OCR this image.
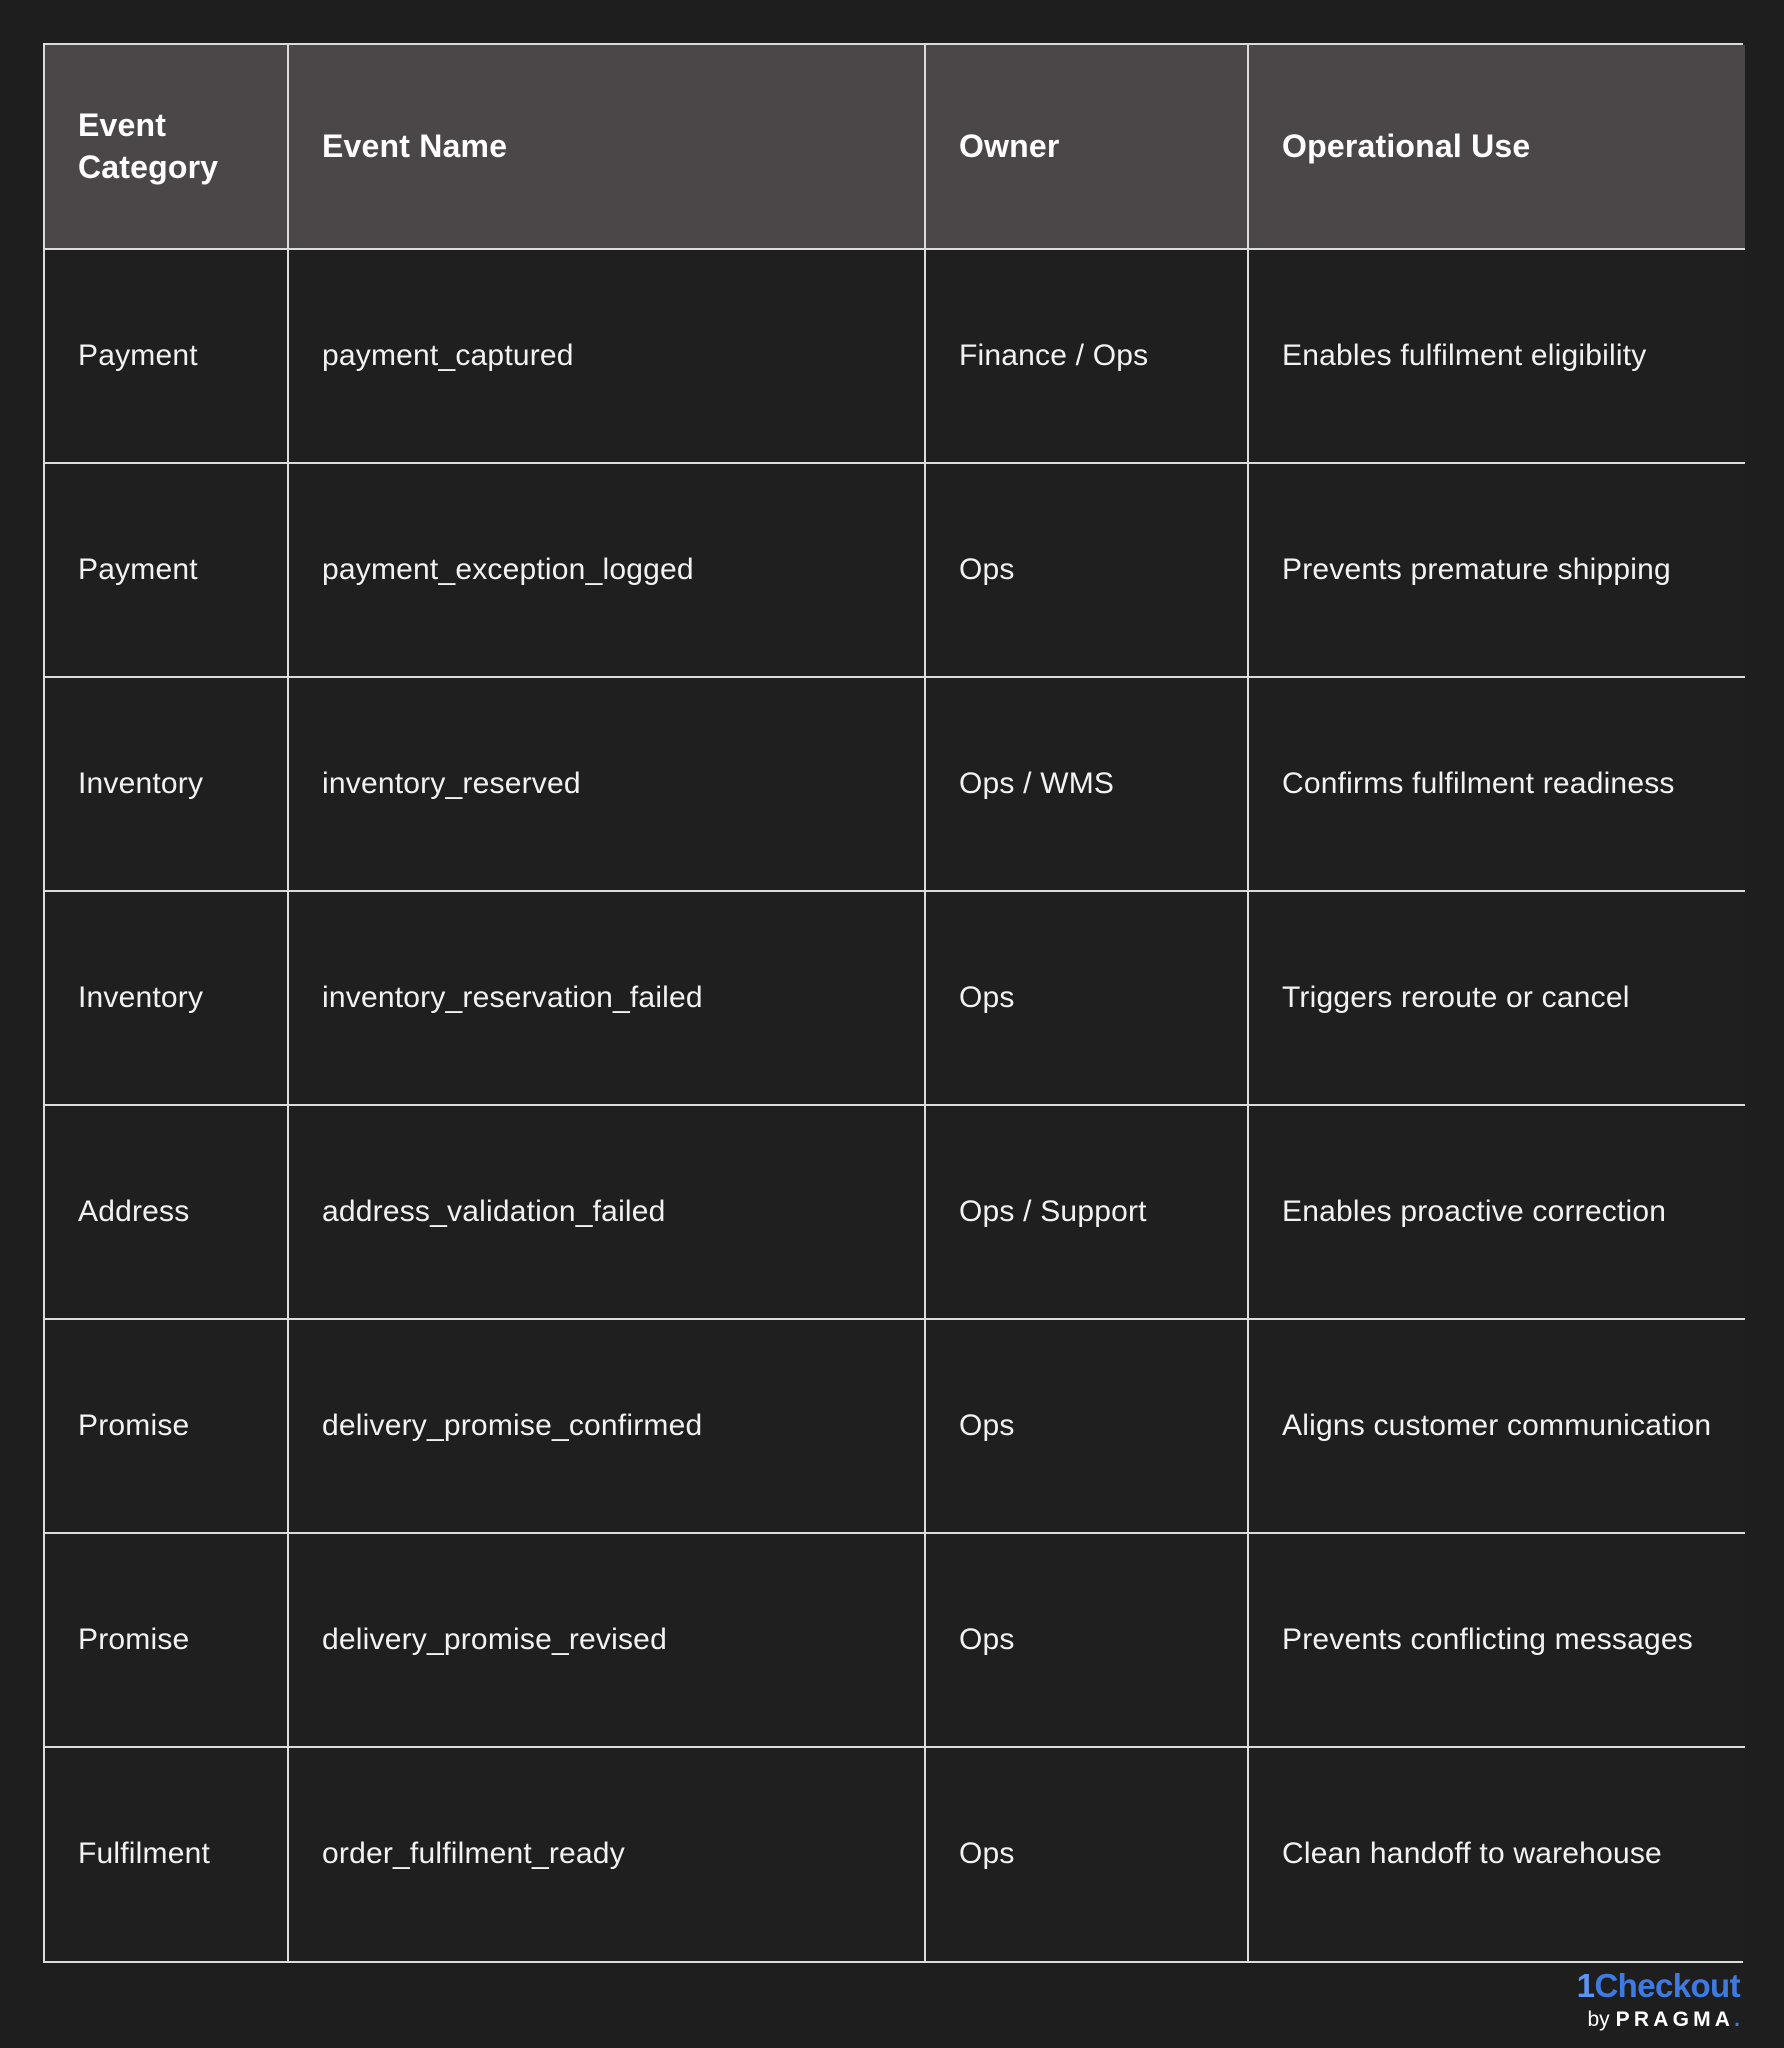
Event Category	Event Name	Owner	Operational Use
Payment	payment_captured	Finance / Ops	Enables fulfilment eligibility
Payment	payment_exception_logged	Ops	Prevents premature shipping
Inventory	inventory_reserved	Ops / WMS	Confirms fulfilment readiness
Inventory	inventory_reservation_failed	Ops	Triggers reroute or cancel
Address	address_validation_failed	Ops / Support	Enables proactive correction
Promise	delivery_promise_confirmed	Ops	Aligns customer communication
Promise	delivery_promise_revised	Ops	Prevents conflicting messages
Fulfilment	order_fulfilment_ready	Ops	Clean handoff to warehouse
1Checkout
by PRAGMA.
